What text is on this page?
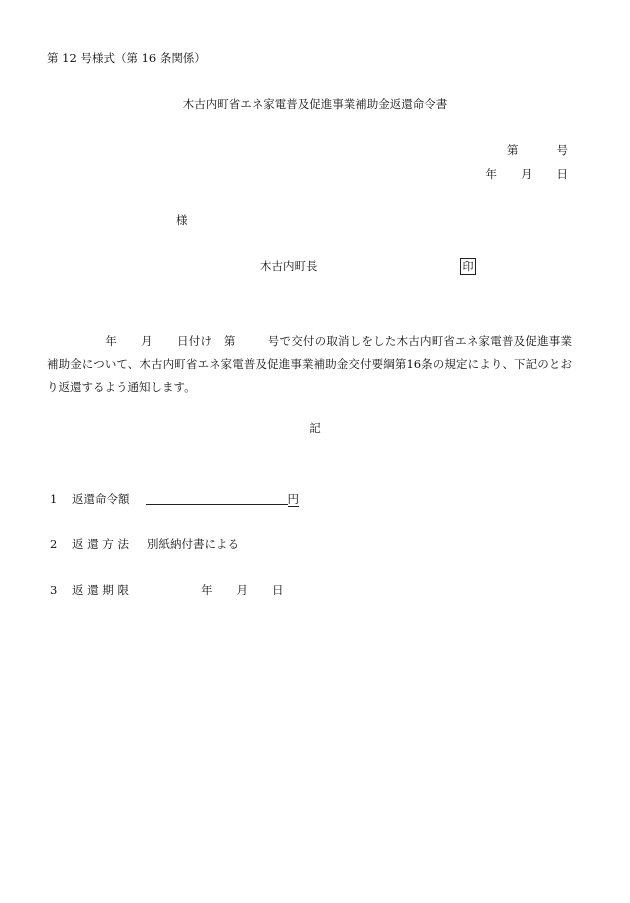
第 12 号様式（第 16 条関係）
木古内町省エネ家電普及促進事業補助金返還命令書
第	号
年 月 日
様
木古内町長	印
年 月 日付け　第	号で交付の取消しをした木古内町省エネ家電普及促進事業補助金について、木古内町省エネ家電普及促進事業補助金交付要綱第16条の規定により、下記のとおり返還するよう通知します。
記
1 返還命令額	円
2 返 還 方 法 別紙納付書による
3 返 還 期 限	年 月 日
